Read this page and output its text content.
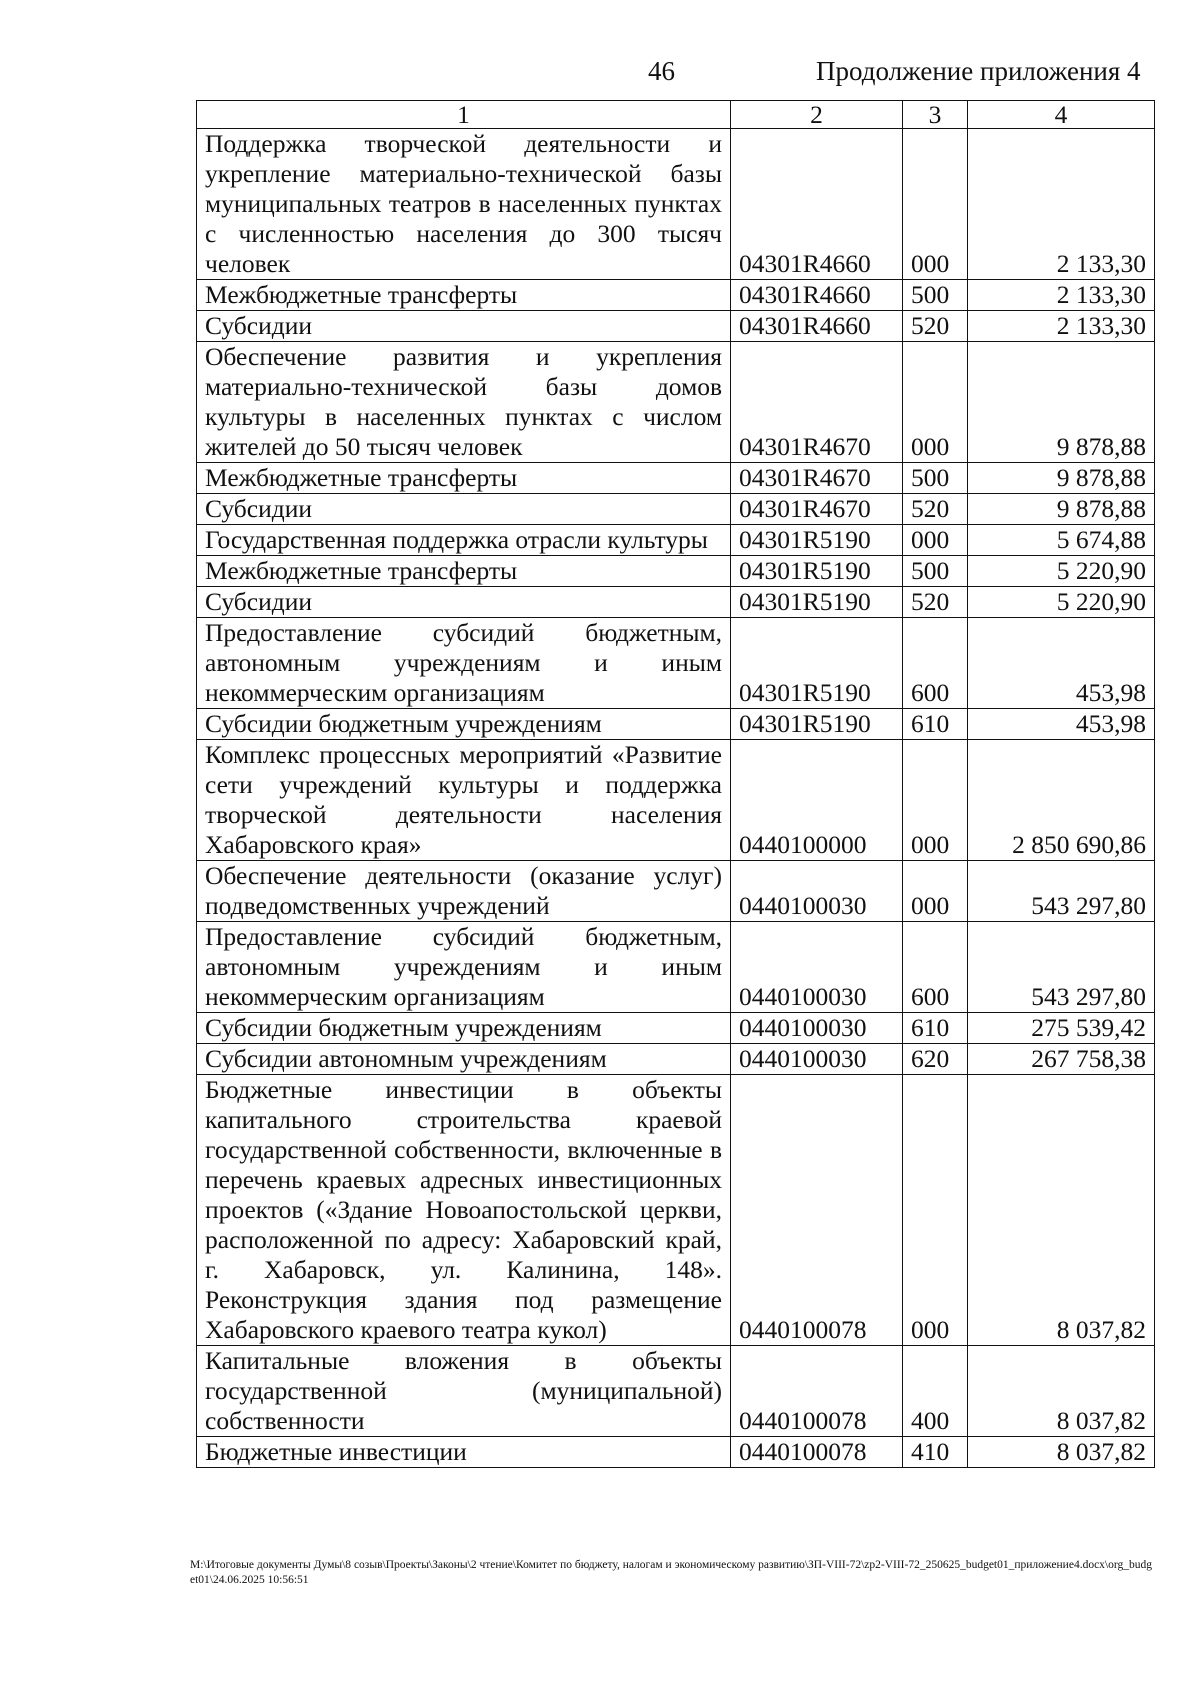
46	Продолжение приложения 4
1	2	3	4
Поддержка творческой деятельности и укрепление материально-технической базы муниципальных театров в населенных пунктах с численностью населения до 300 тысяч человек	04301R4660	000	2 133,30
Межбюджетные трансферты	04301R4660	500	2 133,30
Субсидии	04301R4660	520	2 133,30
Обеспечение развития и укрепления материально-технической базы домов культуры в населенных пунктах с числом жителей до 50 тысяч человек	04301R4670	000	9 878,88
Межбюджетные трансферты	04301R4670	500	9 878,88
Субсидии	04301R4670	520	9 878,88
Государственная поддержка отрасли культуры	04301R5190	000	5 674,88
Межбюджетные трансферты	04301R5190	500	5 220,90
Субсидии	04301R5190	520	5 220,90
Предоставление субсидий бюджетным, автономным учреждениям и иным некоммерческим организациям	04301R5190	600	453,98
Субсидии бюджетным учреждениям	04301R5190	610	453,98
Комплекс процессных мероприятий «Развитие сети учреждений культуры и поддержка творческой деятельности населения Хабаровского края»	0440100000	000	2 850 690,86
Обеспечение деятельности (оказание услуг) подведомственных учреждений	0440100030	000	543 297,80
Предоставление субсидий бюджетным, автономным учреждениям и иным некоммерческим организациям	0440100030	600	543 297,80
Субсидии бюджетным учреждениям	0440100030	610	275 539,42
Субсидии автономным учреждениям	0440100030	620	267 758,38
Бюджетные инвестиции в объекты капитального строительства краевой государственной собственности, включенные в перечень краевых адресных инвестиционных проектов («Здание Новоапостольской церкви, расположенной по адресу: Хабаровский край, г. Хабаровск, ул. Калинина, 148». Реконструкция здания под размещение Хабаровского краевого театра кукол)	0440100078	000	8 037,82
Капитальные вложения в объекты государственной (муниципальной) собственности	0440100078	400	8 037,82
Бюджетные инвестиции	0440100078	410	8 037,82
М:\Итоговые документы Думы\8 созыв\Проекты\Законы\2 чтение\Комитет по бюджету, налогам и экономическому развитию\ЗП-VIII-72\zp2-VIII-72_250625_budget01_приложение4.docx\org_budget01\24.06.2025 10:56:51
